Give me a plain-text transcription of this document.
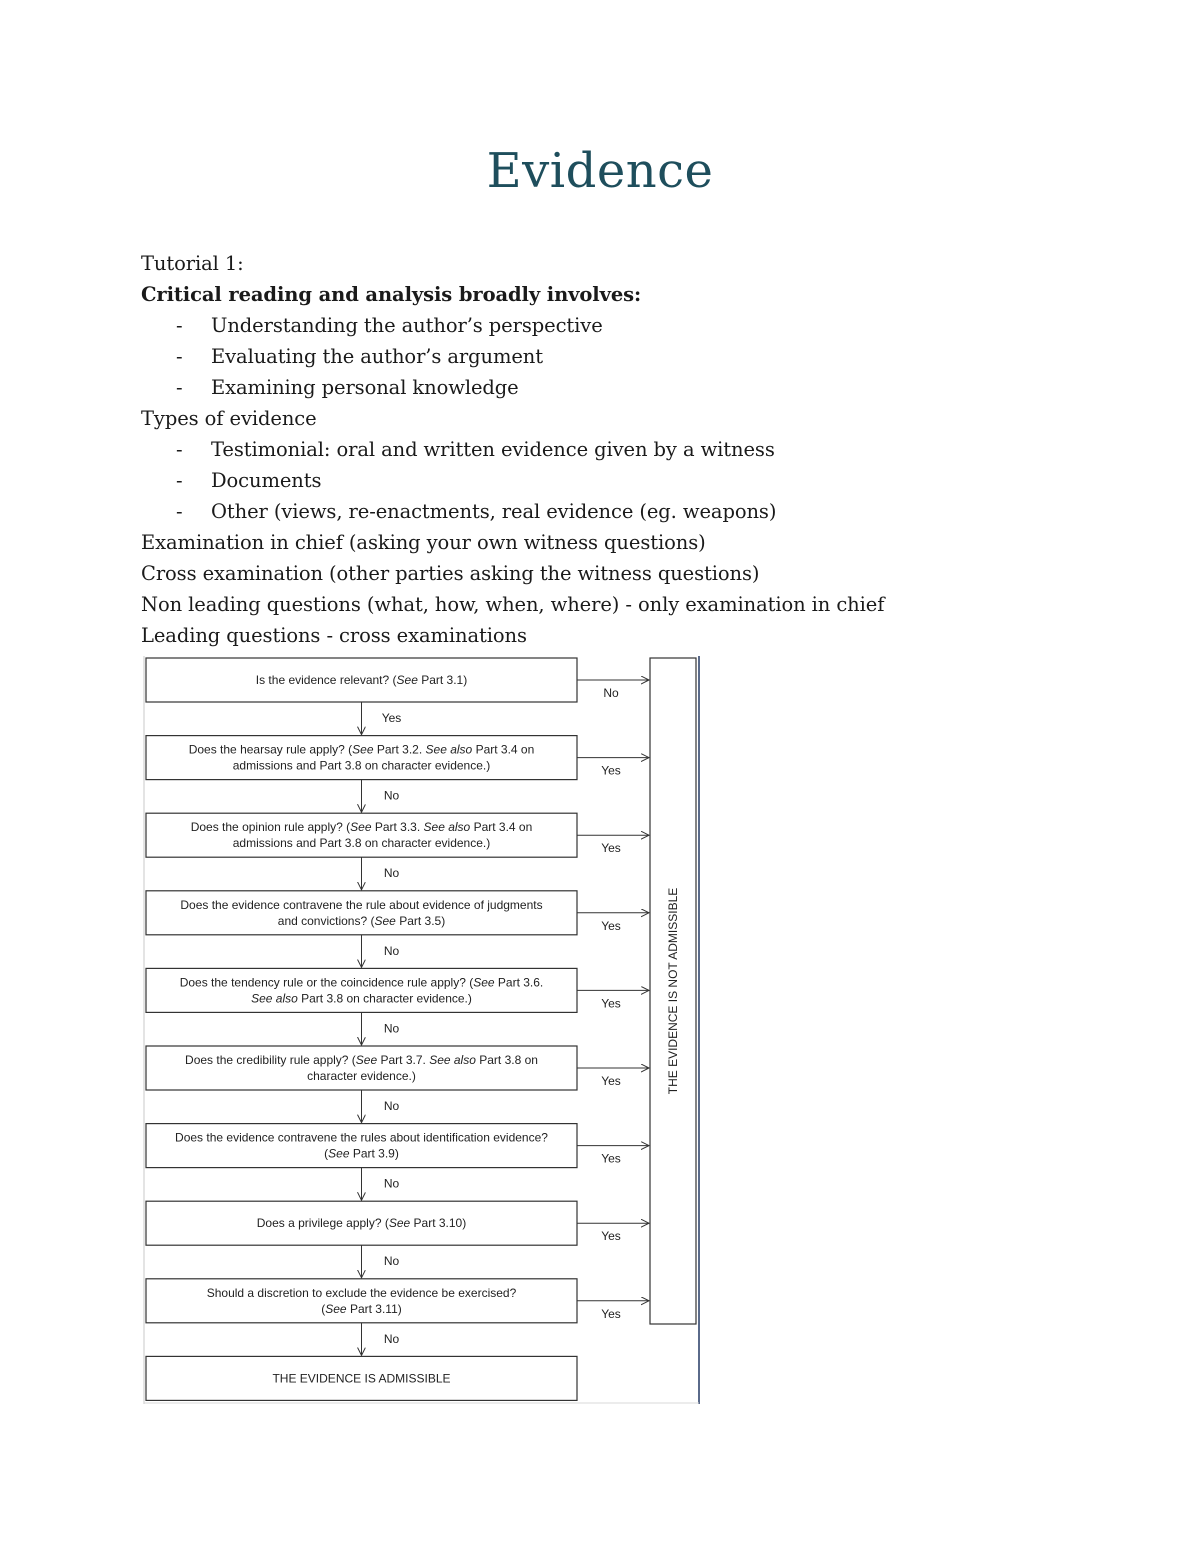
Evidence
Tutorial 1:
Critical reading and analysis broadly involves:
-	Understanding the author’s perspective
-	Evaluating the author’s argument
-	Examining personal knowledge
Types of evidence
-	Testimonial: oral and written evidence given by a witness
-	Documents
-	Other (views, re-enactments, real evidence (eg. weapons)
Examination in chief (asking your own witness questions)
Cross examination (other parties asking the witness questions)
Non leading questions (what, how, when, where) - only examination in chief
Leading questions - cross examinations
THE EVIDENCE IS NOT ADMISSIBLE
Is the evidence relevant? (See Part 3.1)
No
Yes
Does the hearsay rule apply? (See Part 3.2. See also Part 3.4 on
admissions and Part 3.8 on character evidence.)	Yes
No
Does the opinion rule apply? (See Part 3.3. See also Part 3.4 on
admissions and Part 3.8 on character evidence.)	Yes
No
Does the evidence contravene the rule about evidence of judgments
and convictions? (See Part 3.5)	Yes
No
Does the tendency rule or the coincidence rule apply? (See Part 3.6.
See also Part 3.8 on character evidence.)	Yes
No
Does the credibility rule apply? (See Part 3.7. See also Part 3.8 on
character evidence.)	Yes
No
Does the evidence contravene the rules about identification evidence?
(See Part 3.9)	Yes
No
Does a privilege apply? (See Part 3.10)
Yes
No
Should a discretion to exclude the evidence be exercised?
(See Part 3.11)	Yes
No
THE EVIDENCE IS ADMISSIBLE
